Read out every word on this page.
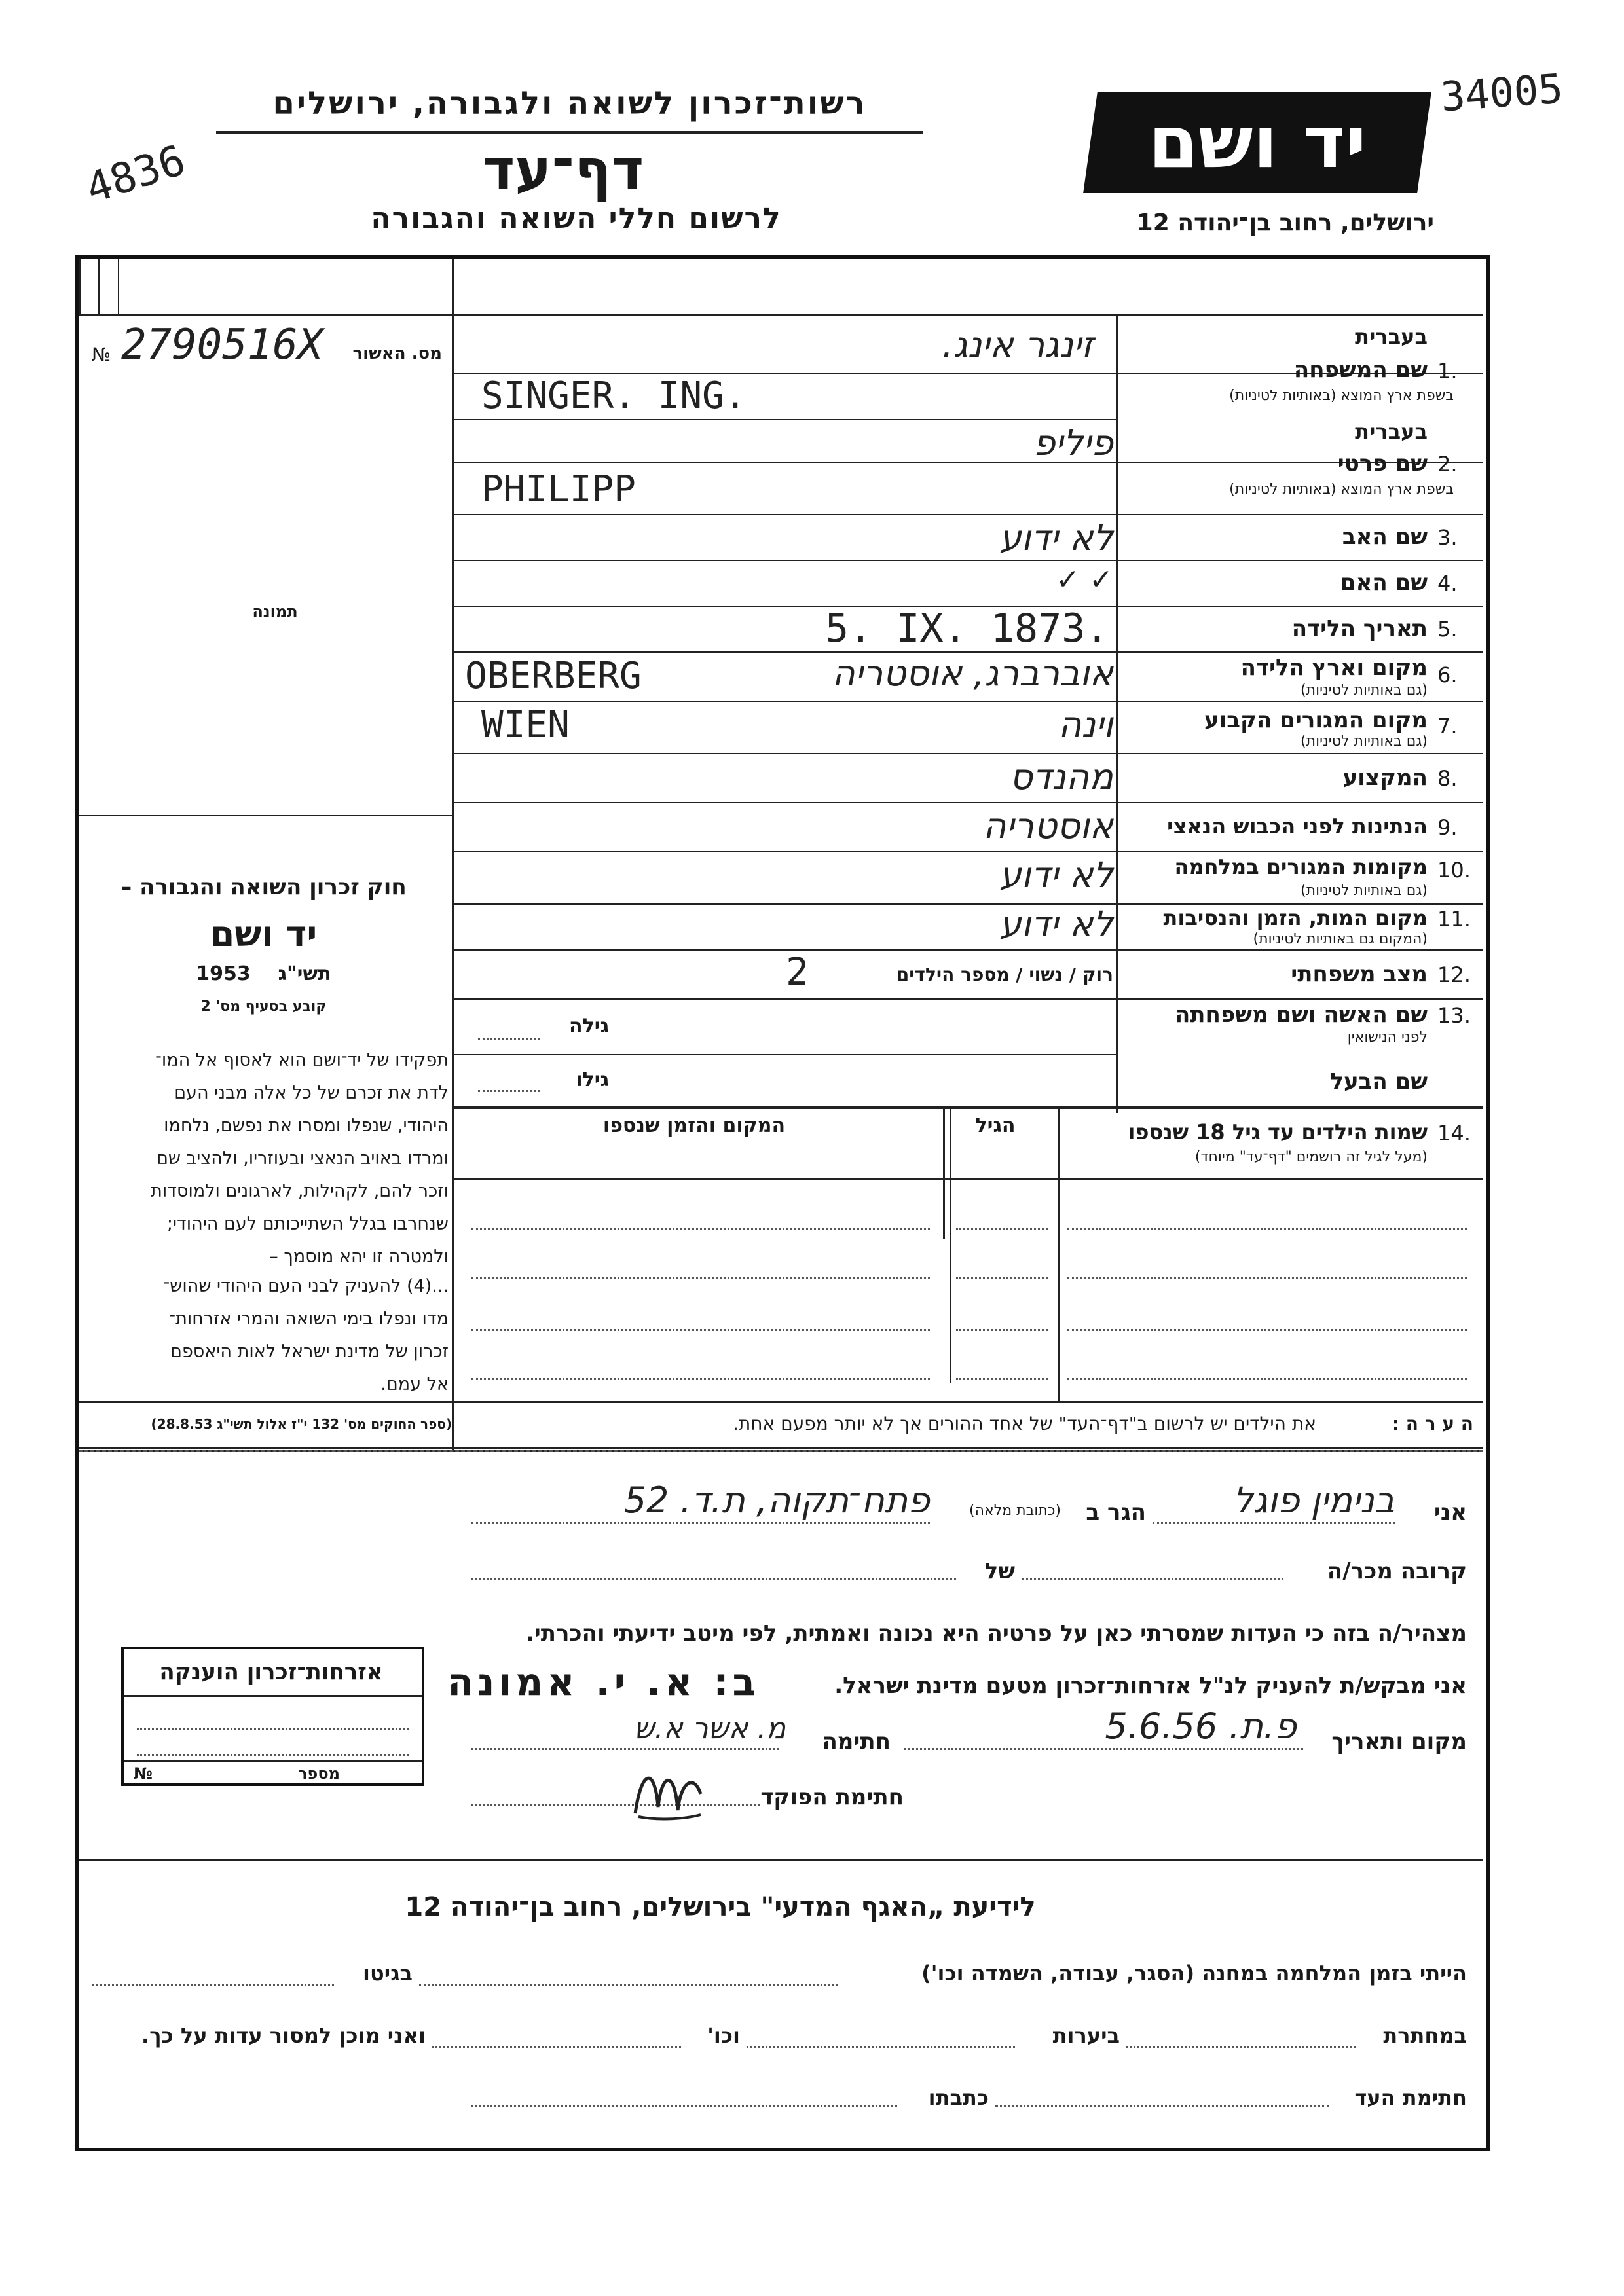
רשות־זכרון לשואה ולגבורה, ירושלים
דף־עד
לרשום חללי השואה והגבורה
יד ושם
ירושלים, רחוב בן־יהודה 12
34005
4836
№ 2790516X	מס. האשור
תמונה
בעברית
שם המשפחה 1.
בשפת ארץ המוצא (באותיות לטיניות)
זינגר אינג.
SINGER. ING.
בעברית
שם פרטי 2.
בשפת ארץ המוצא (באותיות לטיניות)
פיליפ
PHILIPP
שם האב 3.
לא ידוע
שם האם 4.
✓ ✓
תאריך הלידה 5.
5. IX. 1873.
מקום וארץ הלידה 6.
(גם באותיות לטיניות)
אוברברג, אוסטריה
OBERBERG
מקום המגורים הקבוע 7.
(גם באותיות לטיניות)
וינה
WIEN
המקצוע 8.
מהנדס
הנתינות לפני הכבוש הנאצי 9.
אוסטריה
מקומות המגורים במלחמה 10.
(גם באותיות לטיניות)
לא ידוע
מקום המות, הזמן והנסיבות 11.
(המקום גם באותיות לטיניות)
לא ידוע
מצב משפחתי 12.
רוק / נשוי / מספר הילדים
2
שם האשה ושם משפחתה 13.
לפני הנישואין
גילה
שם הבעל
גילו
14.
שמות הילדים עד גיל 18 שנספו
(מעל לגיל זה רושמים "דף־עד" מיוחד)
הגיל
המקום והזמן שנספו
חוק זכרון השואה והגבורה –
יד ושם
1953 תשי"ג
קובע בסעיף מס' 2
תפקידו של יד־ושם הוא לאסוף אל המו־
לדת את זכרם של כל אלה מבני העם
היהודי, שנפלו ומסרו את נפשם, נלחמו
ומרדו באויב הנאצי ובעוזריו, ולהציב שם
וזכר להם, לקהילות, לארגונים ולמוסדות
שנחרבו בגלל השתייכותם לעם היהודי;
ולמטרה זו יהא מוסמך –
...(4) להעניק לבני העם היהודי שהוש־
מדו ונפלו בימי השואה והמרי אזרחות־
זכרון של מדינת ישראל לאות היאספם
אל עמם.
(ספר החוקים מס' 132 י"ז אלול תשי"ג 28.8.53)	ה ע ר ה :
את הילדים יש לרשום ב"דף־העד" של אחד ההורים אך לא יותר מפעם אחת.
אני
בנימין פוגל
הגר ב
(כתובת מלאה)
פתח־תקוה, ת.ד. 52
קרובה מכר/ה
של
מצהיר/ה בזה כי העדות שמסרתי כאן על פרטיה היא נכונה ואמתית, לפי מיטב ידיעתי והכרתי.
אני מבקש/ת להעניק לנ"ל אזרחות־זכרון מטעם מדינת ישראל.
ב: א. י. אמונה
מקום ותאריך
פ.ת. 5.6.56
חתימה
מ. אשר א.ש
חתימת הפוקד
אזרחות־זכרון הוענקה
מספר
№
לידיעת „האגף המדעי" בירושלים, רחוב בן־יהודה 12
הייתי בזמן המלחמה במחנה (הסגר, עבודה, השמדה וכו')
בגיטו
במחתרת
ביערות
וכו'
ואני מוכן למסור עדות על כך.
חתימת העד
כתבתו
